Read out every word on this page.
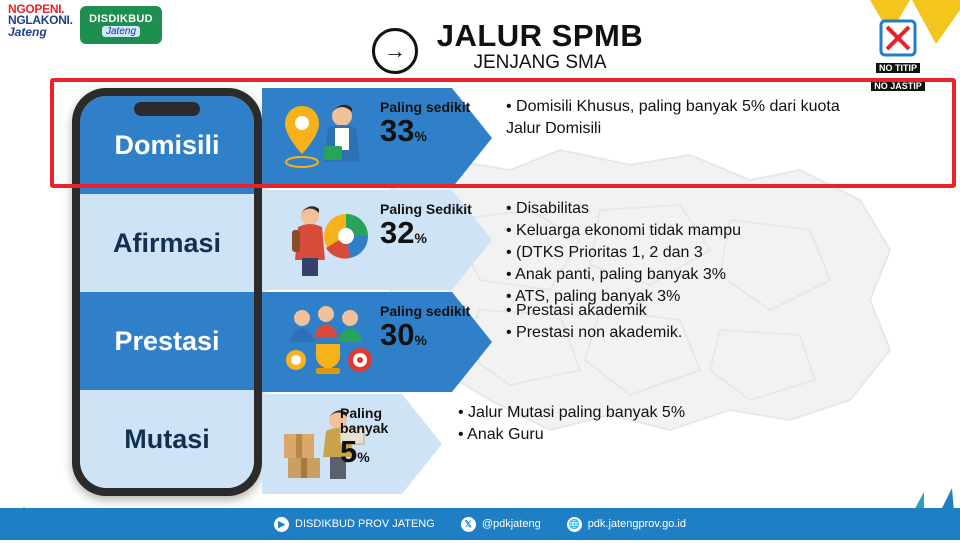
NGOPENI.
NGLAKONI.
Jateng
DISDIKBUD
Jateng
→ JALUR SPMB
JENJANG SMA	NO TITIP
NO JASTIP
Domisili
Afirmasi
Prestasi
Mutasi
Paling sedikit
33%
• Domisili Khusus, paling banyak 5% dari kuota
Jalur Domisili
Paling Sedikit
32%
• Disabilitas
• Keluarga ekonomi tidak mampu
• (DTKS Prioritas 1, 2 dan 3
• Anak panti, paling banyak 3%
• ATS, paling banyak 3%
Paling sedikit
30%
• Prestasi akademik
• Prestasi non akademik.
Paling banyak
5%
• Jalur Mutasi paling banyak 5%
• Anak Guru
▶ DISDIKBUD PROV JATENG	𝕏 @pdkjateng	🌐 pdk.jatengprov.go.id
